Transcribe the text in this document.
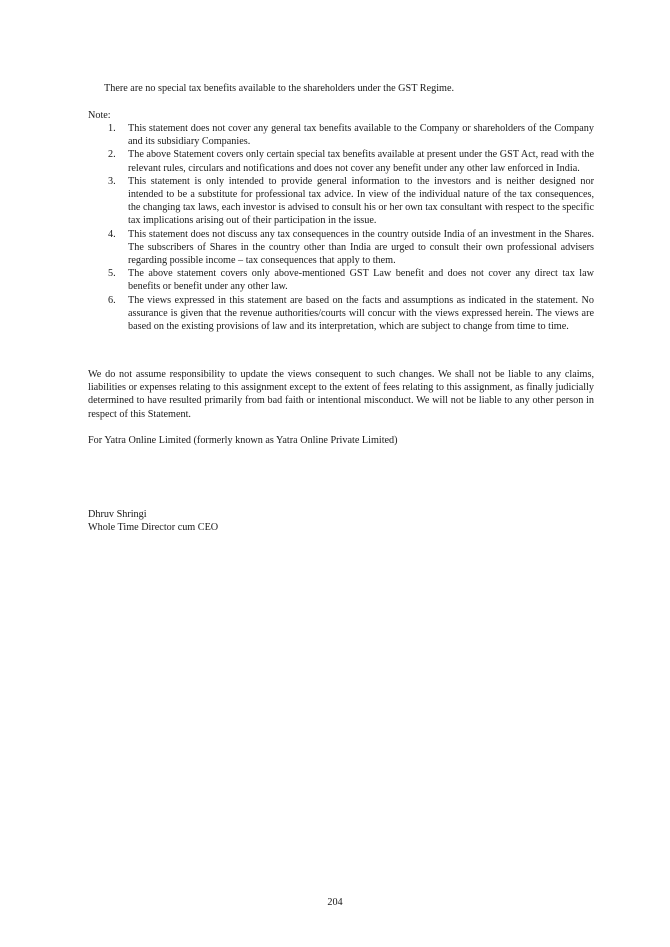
There are no special tax benefits available to the shareholders under the GST Regime.

Note:

1.	This statement does not cover any general tax benefits available to the Company or shareholders of the Company and its subsidiary Companies.
2.	The above Statement covers only certain special tax benefits available at present under the GST Act, read with the relevant rules, circulars and notifications and does not cover any benefit under any other law enforced in India.
3.	This statement is only intended to provide general information to the investors and is neither designed nor intended to be a substitute for professional tax advice. In view of the individual nature of the tax consequences, the changing tax laws, each investor is advised to consult his or her own tax consultant with respect to the specific tax implications arising out of their participation in the issue.
4.	This statement does not discuss any tax consequences in the country outside India of an investment in the Shares. The subscribers of Shares in the country other than India are urged to consult their own professional advisers regarding possible income – tax consequences that apply to them.
5.	The above statement covers only above-mentioned GST Law benefit and does not cover any direct tax law benefits or benefit under any other law.
6.	The views expressed in this statement are based on the facts and assumptions as indicated in the statement. No assurance is given that the revenue authorities/courts will concur with the views expressed herein. The views are based on the existing provisions of law and its interpretation, which are subject to change from time to time.

We do not assume responsibility to update the views consequent to such changes. We shall not be liable to any claims, liabilities or expenses relating to this assignment except to the extent of fees relating to this assignment, as finally judicially determined to have resulted primarily from bad faith or intentional misconduct. We will not be liable to any other person in respect of this Statement.

For Yatra Online Limited (formerly known as Yatra Online Private Limited)

Dhruv Shringi
Whole Time Director cum CEO

204
